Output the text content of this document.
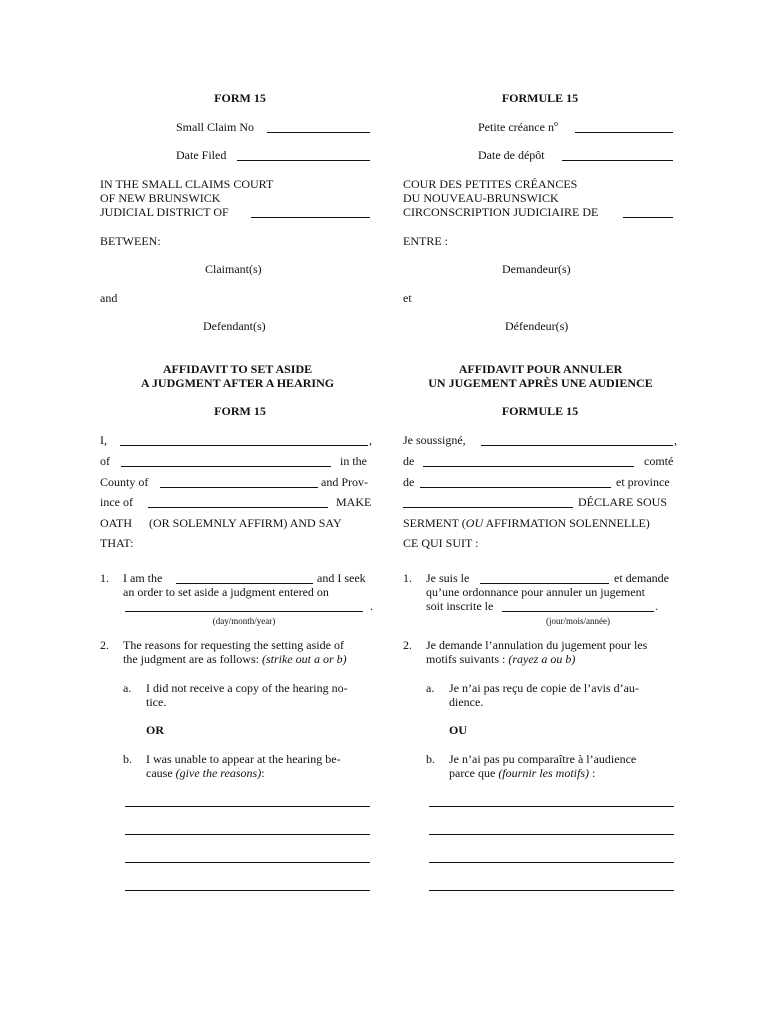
FORM 15
Small Claim No
Date Filed
IN THE SMALL CLAIMS COURT
OF NEW BRUNSWICK
JUDICIAL DISTRICT OF
BETWEEN:
Claimant(s)
and
Defendant(s)
AFFIDAVIT TO SET ASIDE
A JUDGMENT AFTER A HEARING
FORM 15
I,	,
of	in the
County of	and Prov-
ince of	MAKE
OATH (OR SOLEMNLY AFFIRM) AND SAY
THAT:
1. I am the	and I seek
an order to set aside a judgment entered on
.
(day/month/year)
2. The reasons for requesting the setting aside of
the judgment are as follows: (strike out a or b)
a. I did not receive a copy of the hearing no-
tice.
OR
b. I was unable to appear at the hearing be-
cause (give the reasons):
FORMULE 15
Petite créance $n^o$
Date de dépôt
COUR DES PETITES CRÉANCES
DU NOUVEAU-BRUNSWICK
CIRCONSCRIPTION JUDICIAIRE DE
ENTRE :
Demandeur(s)
et
Défendeur(s)
AFFIDAVIT POUR ANNULER
UN JUGEMENT APRÈS UNE AUDIENCE
FORMULE 15
Je soussigné,	,
de	comté
de	et province
DÉCLARE SOUS
SERMENT (OU AFFIRMATION SOLENNELLE)
CE QUI SUIT :
1. Je suis le	et demande
qu’une ordonnance pour annuler un jugement
soit inscrite le	.
(jour/mois/année)
2. Je demande l’annulation du jugement pour les
motifs suivants : (rayez a ou b)
a. Je n’ai pas reçu de copie de l’avis d’au-
dience.
OU
b. Je n’ai pas pu comparaître à l’audience
parce que (fournir les motifs) :
